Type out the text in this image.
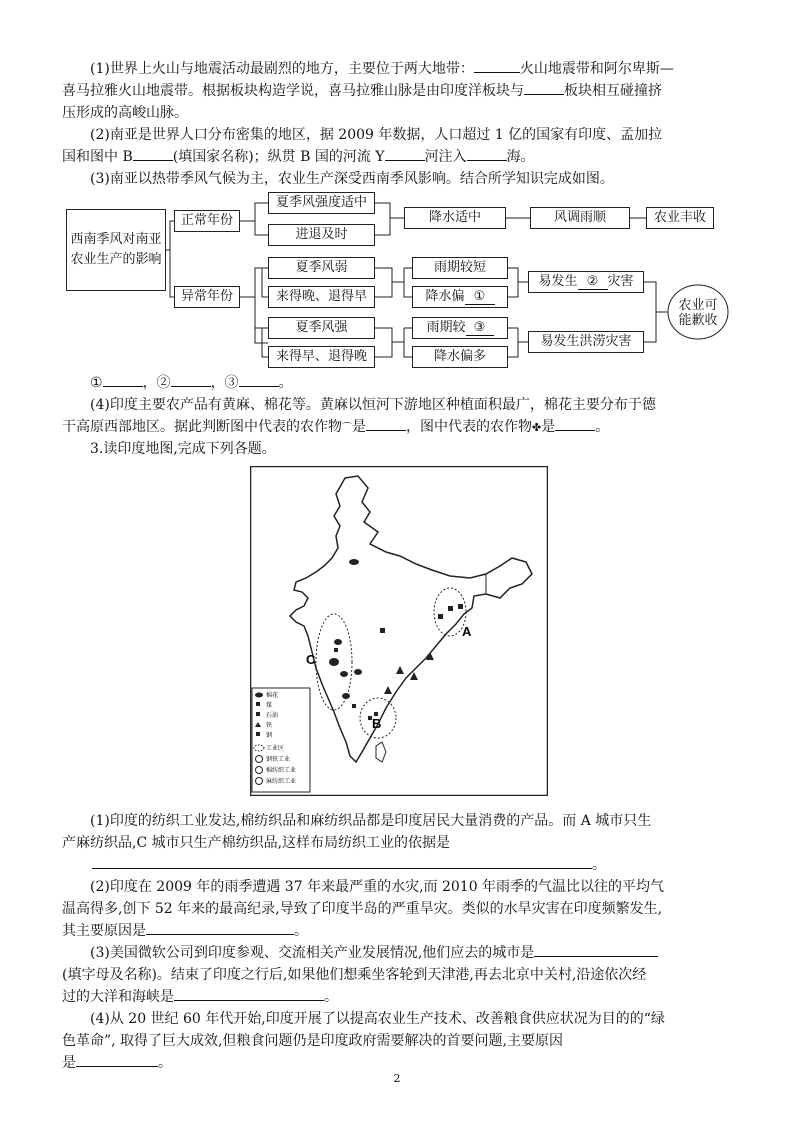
(1)世界上火山与地震活动最剧烈的地方，主要位于两大地带：	火山地震带和阿尔卑斯—

喜马拉雅火山地震带。根据板块构造学说，喜马拉雅山脉是由印度洋板块与	板块相互碰撞挤

压形成的高峻山脉。

(2)南亚是世界人口分布密集的地区，据 2009 年数据，人口超过 1 亿的国家有印度、孟加拉

国和图中 B	(填国家名称)；纵贯 B 国的河流 Y	河注入	海。

(3)南亚以热带季风气候为主，农业生产深受西南季风影响。结合所学知识完成如图。

西南季风对南亚农业生产的影响
正常年份
异常年份
夏季风强度适中
进退及时
降水适中	风调雨顺	农业丰收
夏季风弱
来得晚、退得早
夏季风强
来得早、退得晚
雨期较短
降水偏 ①
雨期较 ③
降水偏多
易发生 ② 灾害
易发生洪涝灾害
农业可能歉收

①	，②	，③	。

(4)印度主要农产品有黄麻、棉花等。黄麻以恒河下游地区种植面积最广，棉花主要分布于德

干高原西部地区。据此判断图中代表的农作物⌒是	，图中代表的农作物✤是	。

3.读印度地图,完成下列各题。

A
B
C
棉花
煤
石油
铁
钢
工业区
钢铁工业
棉纺织工业
麻纺织工业

(1)印度的纺织工业发达,棉纺织品和麻纺织品都是印度居民大量消费的产品。而 A 城市只生

产麻纺织品,C 城市只生产棉纺织品,这样布局纺织工业的依据是

。

(2)印度在 2009 年的雨季遭遇 37 年来最严重的水灾,而 2010 年雨季的气温比以往的平均气

温高得多,创下 52 年来的最高纪录,导致了印度半岛的严重旱灾。类似的水旱灾害在印度频繁发生,

其主要原因是	。

(3)美国微软公司到印度参观、交流相关产业发展情况,他们应去的城市是

(填字母及名称)。结束了印度之行后,如果他们想乘坐客轮到天津港,再去北京中关村,沿途依次经

过的大洋和海峡是	。

(4)从 20 世纪 60 年代开始,印度开展了以提高农业生产技术、改善粮食供应状况为目的的“绿

色革命”, 取得了巨大成效,但粮食问题仍是印度政府需要解决的首要问题,主要原因

是	。

2
